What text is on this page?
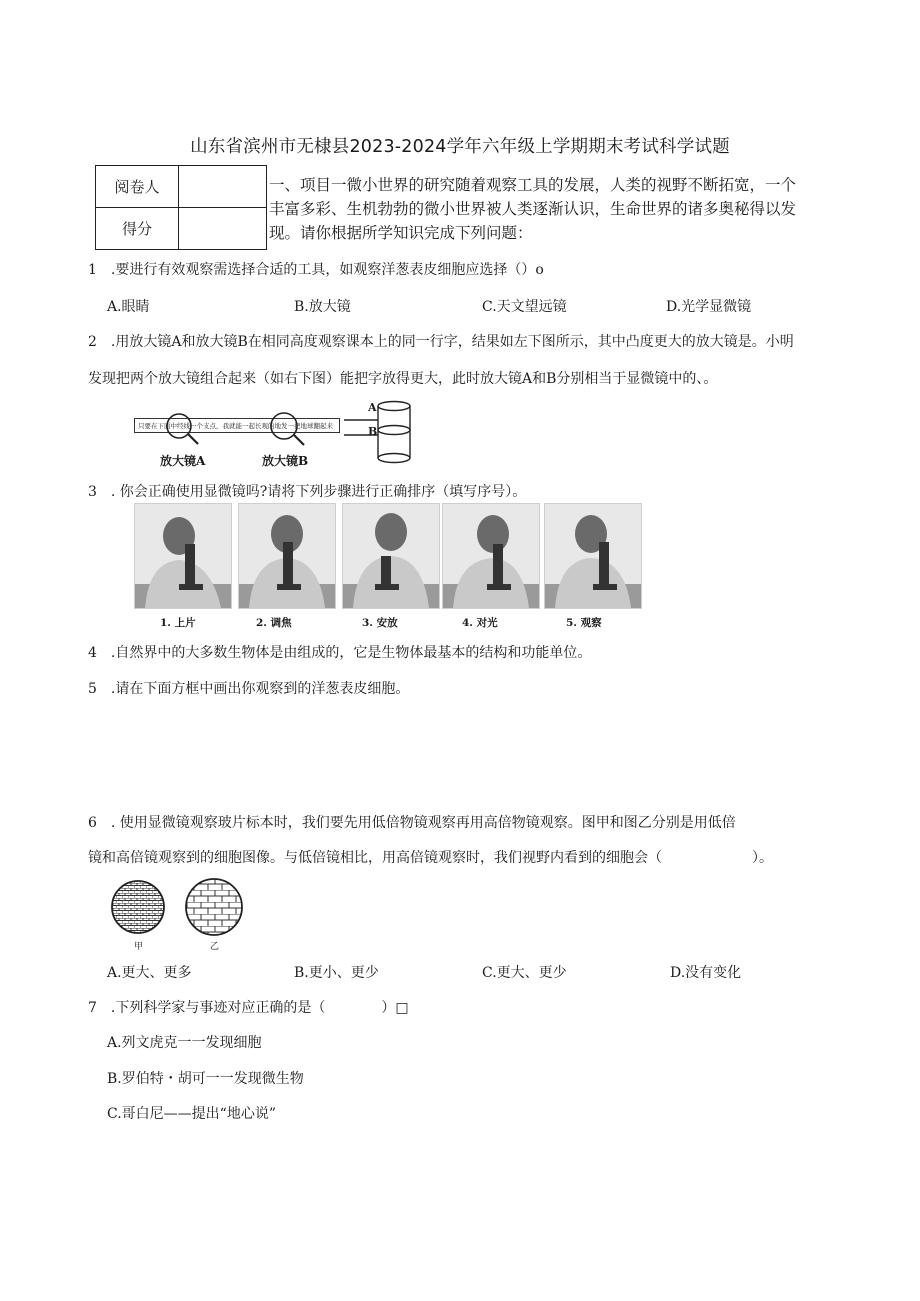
山东省滨州市无棣县2023-2024学年六年级上学期期末考试科学试题
阅卷人	
得分	
一、项目一微小世界的研究随着观察工具的发展，人类的视野不断拓宽，一个
丰富多彩、生机勃勃的微小世界被人类逐渐认识，生命世界的诸多奥秘得以发
现。请你根据所学知识完成下列问题：
1　.要进行有效观察需选择合适的工具，如观察洋葱表皮细胞应选择（）o
A.眼睛	B.放大镜	C.天文望远镜	D.光学显微镜
2　.用放大镜A和放大镜B在相同高度观察课本上的同一行字，结果如左下图所示，其中凸度更大的放大镜是。小明
发现把两个放大镜组合起来（如右下图）能把字放得更大，此时放大镜A和B分别相当于显微镜中的、。
只要在下面中经线一个支点，我就能一起长观的地发一把地球翻起来
A
B
放大镜A	放大镜B
3　. 你会正确使用显微镜吗?请将下列步骤进行正确排序（填写序号）。
1. 上片	2. 调焦	3. 安放	4. 对光	5. 观察
4　.自然界中的大多数生物体是由组成的，它是生物体最基本的结构和功能单位。
5　.请在下面方框中画出你观察到的洋葱表皮细胞。
6　. 使用显微镜观察玻片标本时，我们要先用低倍物镜观察再用高倍物镜观察。图甲和图乙分别是用低倍
镜和高倍镜观察到的细胞图像。与低倍镜相比，用高倍镜观察时，我们视野内看到的细胞会（	）。
甲	乙
A.更大、更多	B.更小、更少	C.更大、更少	D.没有变化
7　.下列科学家与事迹对应正确的是（　　　　）□
A.列文虎克一一发现细胞
B.罗伯特・胡可一一发现微生物
C.哥白尼——提出“地心说”
